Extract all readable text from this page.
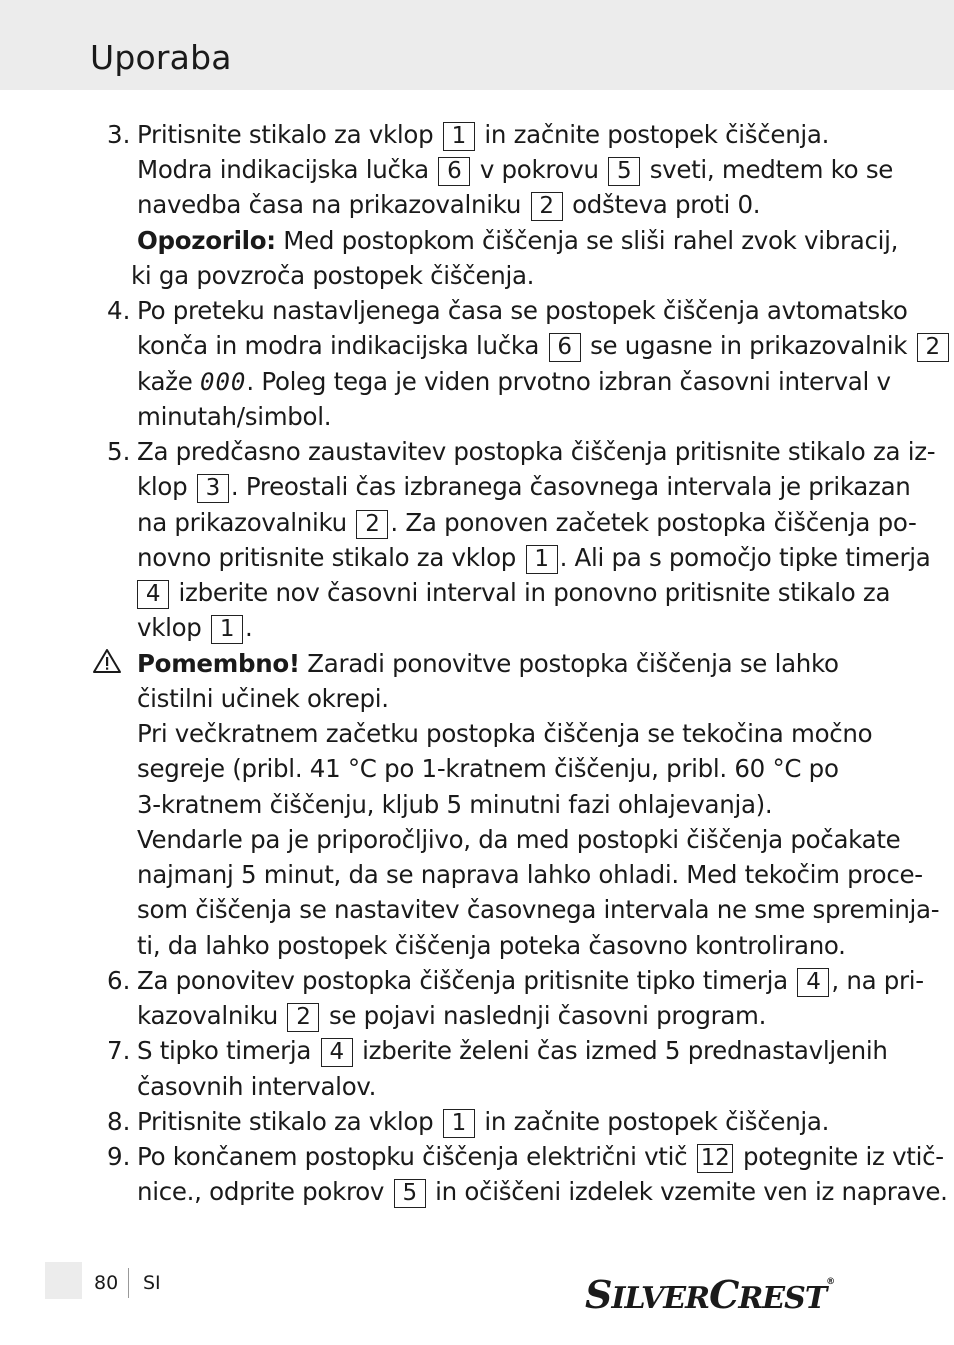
Uporaba
3. Pritisnite stikalo za vklop 1 in začnite postopek čiščenja.
Modra indikacijska lučka 6 v pokrovu 5 sveti, medtem ko se
navedba časa na prikazovalniku 2 odšteva proti 0.
Opozorilo: Med postopkom čiščenja se sliši rahel zvok vibracij,
ki ga povzroča postopek čiščenja.
4. Po preteku nastavljenega časa se postopek čiščenja avtomatsko
konča in modra indikacijska lučka 6 se ugasne in prikazovalnik 2
kaže 000. Poleg tega je viden prvotno izbran časovni interval v
minutah/simbol.
5. Za predčasno zaustavitev postopka čiščenja pritisnite stikalo za iz-
klop 3 . Preostali čas izbranega časovnega intervala je prikazan
na prikazovalniku 2 . Za ponoven začetek postopka čiščenja po-
novno pritisnite stikalo za vklop 1 . Ali pa s pomočjo tipke timerja
4 izberite nov časovni interval in ponovno pritisnite stikalo za
vklop 1 .
Pomembno! Zaradi ponovitve postopka čiščenja se lahko
čistilni učinek okrepi.
Pri večkratnem začetku postopka čiščenja se tekočina močno
segreje (pribl. 41 °C po 1-kratnem čiščenju, pribl. 60 °C po
3-kratnem čiščenju, kljub 5 minutni fazi ohlajevanja).
Vendarle pa je priporočljivo, da med postopki čiščenja počakate
najmanj 5 minut, da se naprava lahko ohladi. Med tekočim proce-
som čiščenja se nastavitev časovnega intervala ne sme spreminja-
ti, da lahko postopek čiščenja poteka časovno kontrolirano.
6. Za ponovitev postopka čiščenja pritisnite tipko timerja 4 , na pri-
kazovalniku 2 se pojavi naslednji časovni program.
7. S tipko timerja 4 izberite želeni čas izmed 5 prednastavljenih
časovnih intervalov.
8. Pritisnite stikalo za vklop 1 in začnite postopek čiščenja.
9. Po končanem postopku čiščenja električni vtič 12 potegnite iz vtič-
nice., odprite pokrov 5 in očiščeni izdelek vzemite ven iz naprave.
80 SI	SILVERCREST®
